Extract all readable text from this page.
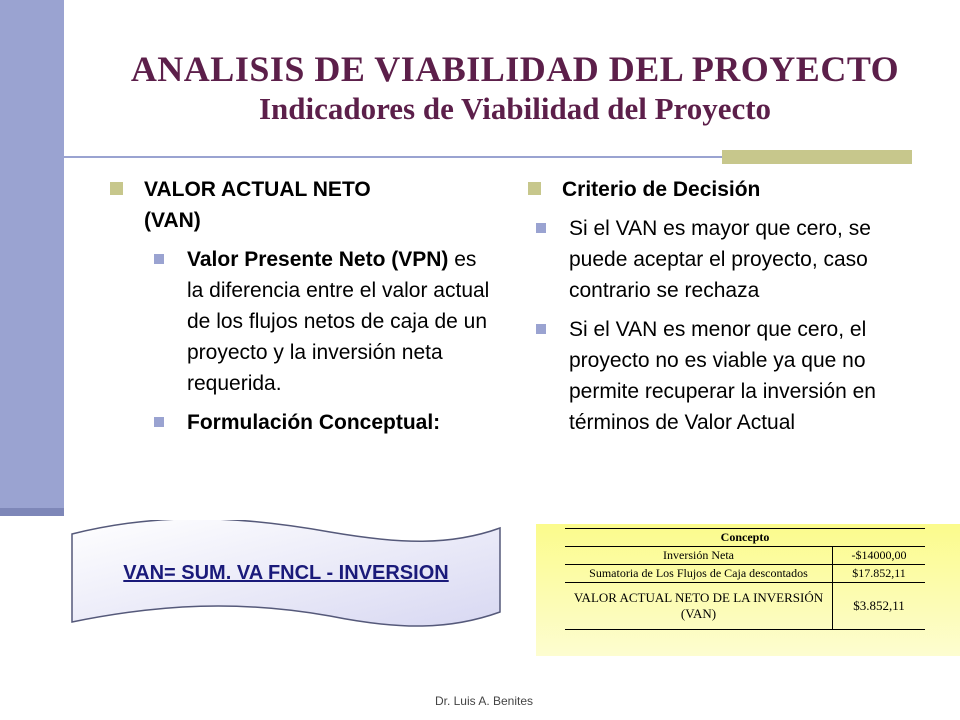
ANALISIS DE VIABILIDAD DEL PROYECTO
Indicadores de Viabilidad del Proyecto
VALOR ACTUAL NETO
(VAN)
Valor Presente Neto (VPN) es la diferencia entre el valor actual de los flujos netos de caja de un proyecto y la inversión neta requerida.
Formulación Conceptual:
Criterio de Decisión
Si el VAN es mayor que cero, se puede aceptar el proyecto, caso contrario se rechaza
Si el VAN es menor que cero, el proyecto no es viable ya que no permite recuperar la inversión en términos de Valor Actual
VAN= SUM. VA FNCL - INVERSION
Concepto	
Inversión Neta	-$14000,00
Sumatoria de Los Flujos de Caja descontados	$17.852,11
VALOR ACTUAL NETO DE LA INVERSIÓN (VAN)	$3.852,11
Dr. Luis A. Benites
